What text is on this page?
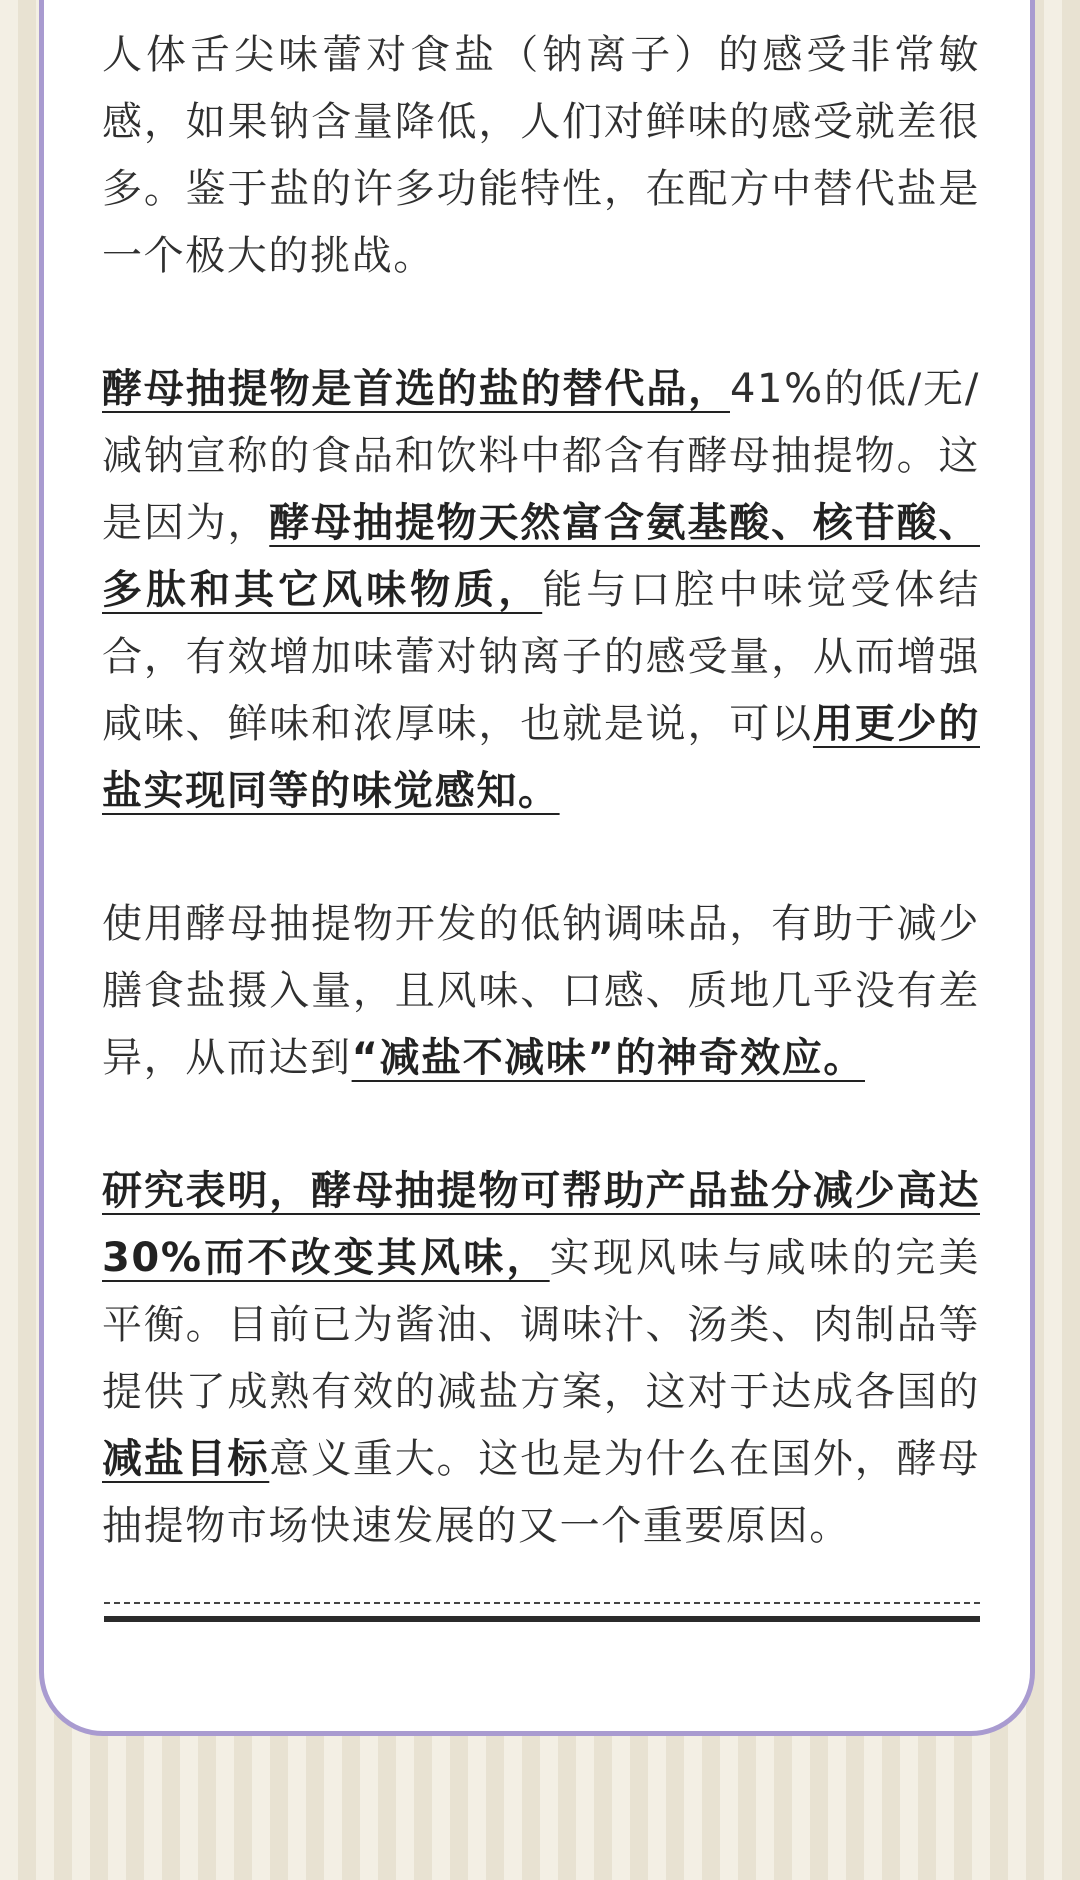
人体舌尖味蕾对食盐（钠离子）的感受非常敏感，如果钠含量降低，人们对鲜味的感受就差很多。鉴于盐的许多功能特性，在配方中替代盐是一个极大的挑战。

酵母抽提物是首选的盐的替代品，41%的低/无/减钠宣称的食品和饮料中都含有酵母抽提物。这是因为，酵母抽提物天然富含氨基酸、核苷酸、多肽和其它风味物质，能与口腔中味觉受体结合，有效增加味蕾对钠离子的感受量，从而增强咸味、鲜味和浓厚味，也就是说，可以用更少的盐实现同等的味觉感知。

使用酵母抽提物开发的低钠调味品，有助于减少膳食盐摄入量，且风味、口感、质地几乎没有差异，从而达到“减盐不减味”的神奇效应。

研究表明，酵母抽提物可帮助产品盐分减少高达30%而不改变其风味，实现风味与咸味的完美平衡。目前已为酱油、调味汁、汤类、肉制品等提供了成熟有效的减盐方案，这对于达成各国的减盐目标意义重大。这也是为什么在国外，酵母抽提物市场快速发展的又一个重要原因。
